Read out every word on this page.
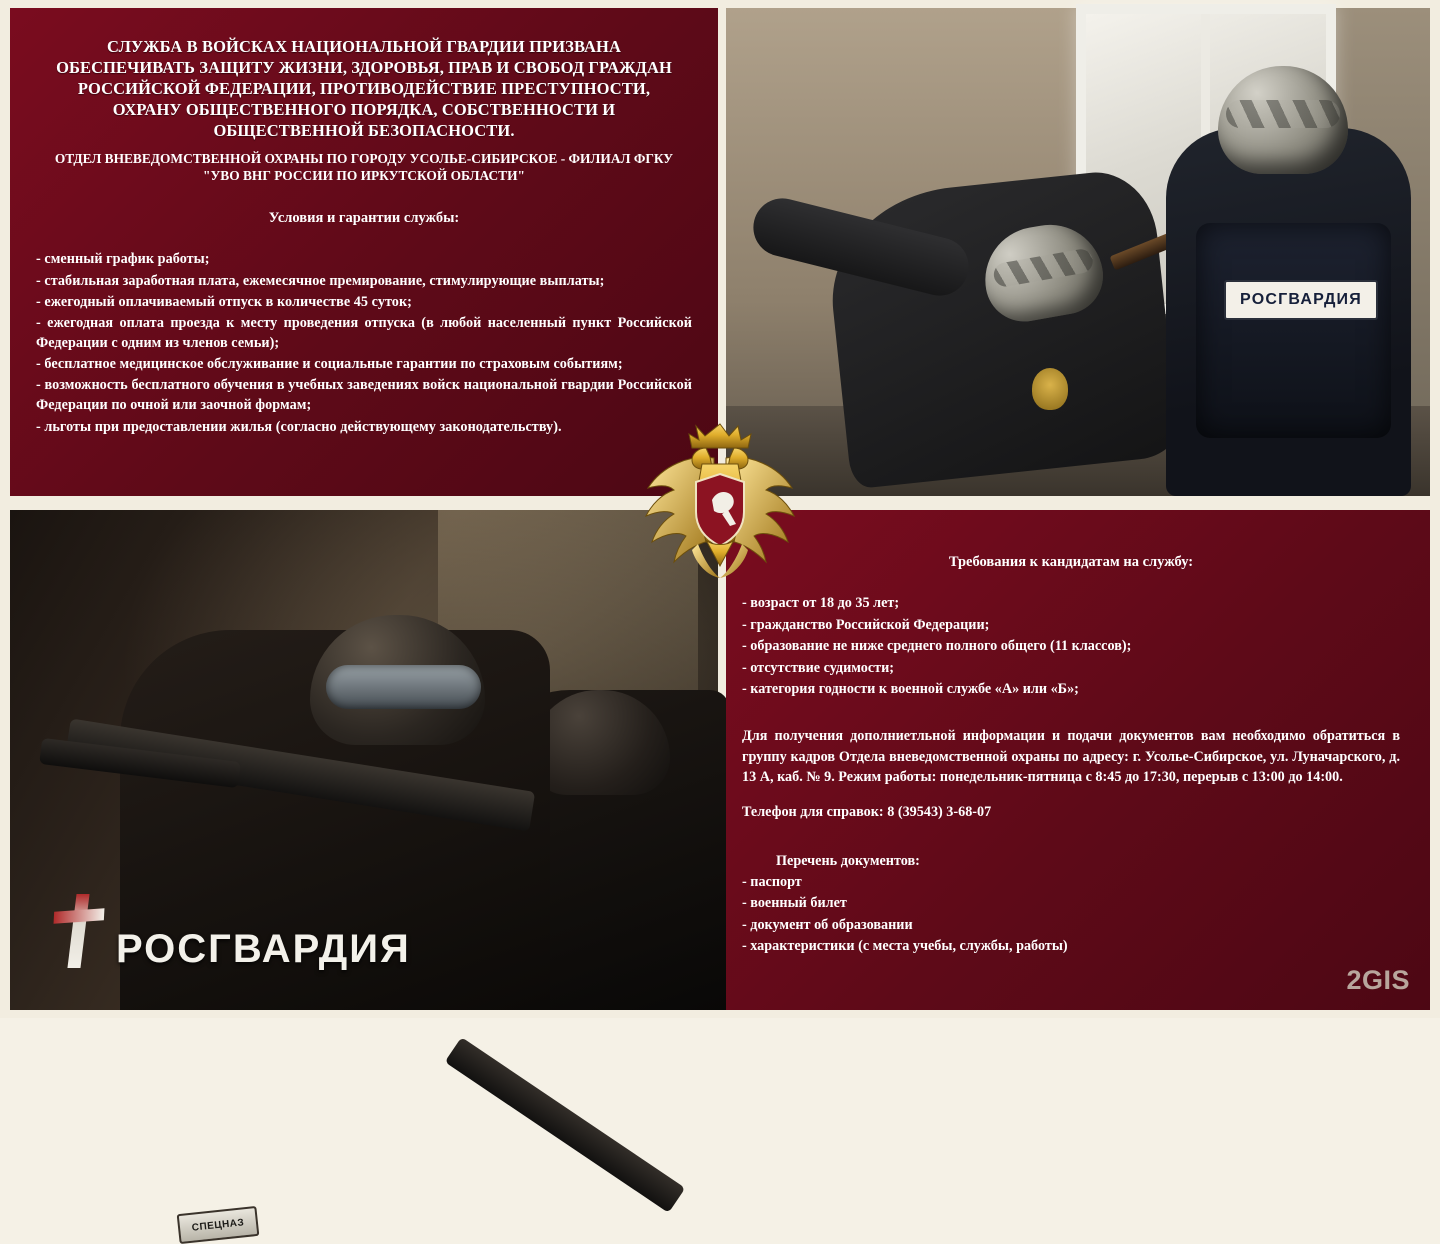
СЛУЖБА В ВОЙСКАХ НАЦИОНАЛЬНОЙ ГВАРДИИ ПРИЗВАНА ОБЕСПЕЧИВАТЬ ЗАЩИТУ ЖИЗНИ, ЗДОРОВЬЯ, ПРАВ И СВОБОД ГРАЖДАН РОССИЙСКОЙ ФЕДЕРАЦИИ, ПРОТИВОДЕЙСТВИЕ ПРЕСТУПНОСТИ, ОХРАНУ ОБЩЕСТВЕННОГО ПОРЯДКА, СОБСТВЕННОСТИ И ОБЩЕСТВЕННОЙ БЕЗОПАСНОСТИ.
ОТДЕЛ ВНЕВЕДОМСТВЕННОЙ ОХРАНЫ ПО ГОРОДУ УСОЛЬЕ-СИБИРСКОЕ - ФИЛИАЛ ФГКУ "УВО ВНГ РОССИИ ПО ИРКУТСКОЙ ОБЛАСТИ"
Условия и гарантии службы:
- сменный график работы;
- стабильная заработная плата, ежемесячное премирование, стимулирующие выплаты;
- ежегодный оплачиваемый отпуск в количестве 45 суток;
- ежегодная оплата проезда к месту проведения отпуска (в любой населенный пункт Российской Федерации с одним из членов семьи);
- бесплатное медицинское обслуживание и социальные гарантии по страховым событиям;
- возможность бесплатного обучения в учебных заведениях войск национальной гвардии Российской Федерации по очной или заочной формам;
- льготы при предоставлении жилья (согласно действующему законодательству).
РОСГВАРДИЯ
СПЕЦНАЗ
РОСГВАРДИЯ
Требования к кандидатам на службу:
- возраст от 18 до 35 лет;
- гражданство Российской Федерации;
- образование не ниже среднего полного общего (11 классов);
- отсутствие судимости;
- категория годности к военной службе «А» или «Б»;

Для получения дополниетльной информации и подачи документов вам необходимо обратиться в группу кадров Отдела вневедомственной охраны по адресу: г. Усолье-Сибирское, ул. Луначарского, д. 13 А, каб. № 9. Режим работы: понедельник-пятница с 8:45 до 17:30, перерыв с 13:00 до 14:00.

Телефон для справок: 8 (39543) 3-68-07
Перечень документов:
- паспорт
- военный билет
- документ об образовании
- характеристики (с места учебы, службы, работы)
2GIS
